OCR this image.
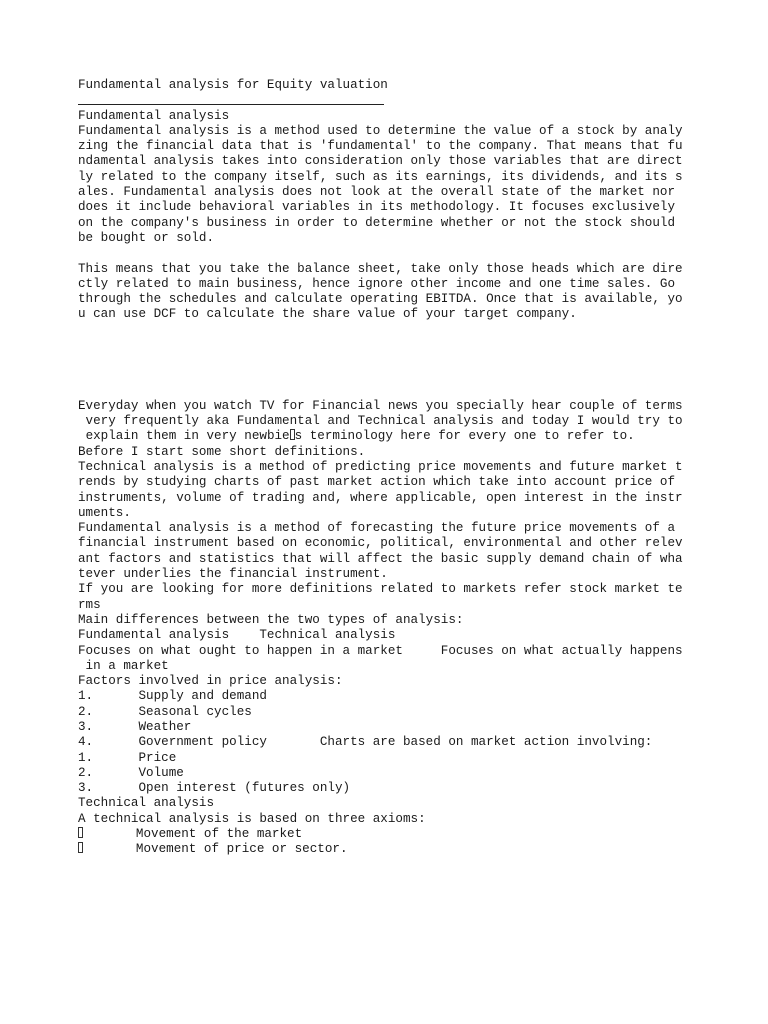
Fundamental analysis for Equity valuation
Fundamental analysis
Fundamental analysis is a method used to determine the value of a stock by analy
zing the financial data that is 'fundamental' to the company. That means that fu
ndamental analysis takes into consideration only those variables that are direct
ly related to the company itself, such as its earnings, its dividends, and its s
ales. Fundamental analysis does not look at the overall state of the market nor
does it include behavioral variables in its methodology. It focuses exclusively
on the company's business in order to determine whether or not the stock should
be bought or sold.
This means that you take the balance sheet, take only those heads which are dire
ctly related to main business, hence ignore other income and one time sales. Go
through the schedules and calculate operating EBITDA. Once that is available, yo
u can use DCF to calculate the share value of your target company.
Everyday when you watch TV for Financial news you specially hear couple of terms
very frequently aka Fundamental and Technical analysis and today I would try to
explain them in very newbie s terminology here for every one to refer to.
Before I start some short definitions.
Technical analysis is a method of predicting price movements and future market t
rends by studying charts of past market action which take into account price of
instruments, volume of trading and, where applicable, open interest in the instr
uments.
Fundamental analysis is a method of forecasting the future price movements of a
financial instrument based on economic, political, environmental and other relev
ant factors and statistics that will affect the basic supply demand chain of wha
tever underlies the financial instrument.
If you are looking for more definitions related to markets refer stock market te
rms
Main differences between the two types of analysis:
Fundamental analysis    Technical analysis
Focuses on what ought to happen in a market     Focuses on what actually happens
in a market
Factors involved in price analysis:
1.      Supply and demand
2.      Seasonal cycles
3.      Weather
4.      Government policy       Charts are based on market action involving:
1.      Price
2.      Volume
3.      Open interest (futures only)
Technical analysis
A technical analysis is based on three axioms:
Movement of the market
Movement of price or sector.
